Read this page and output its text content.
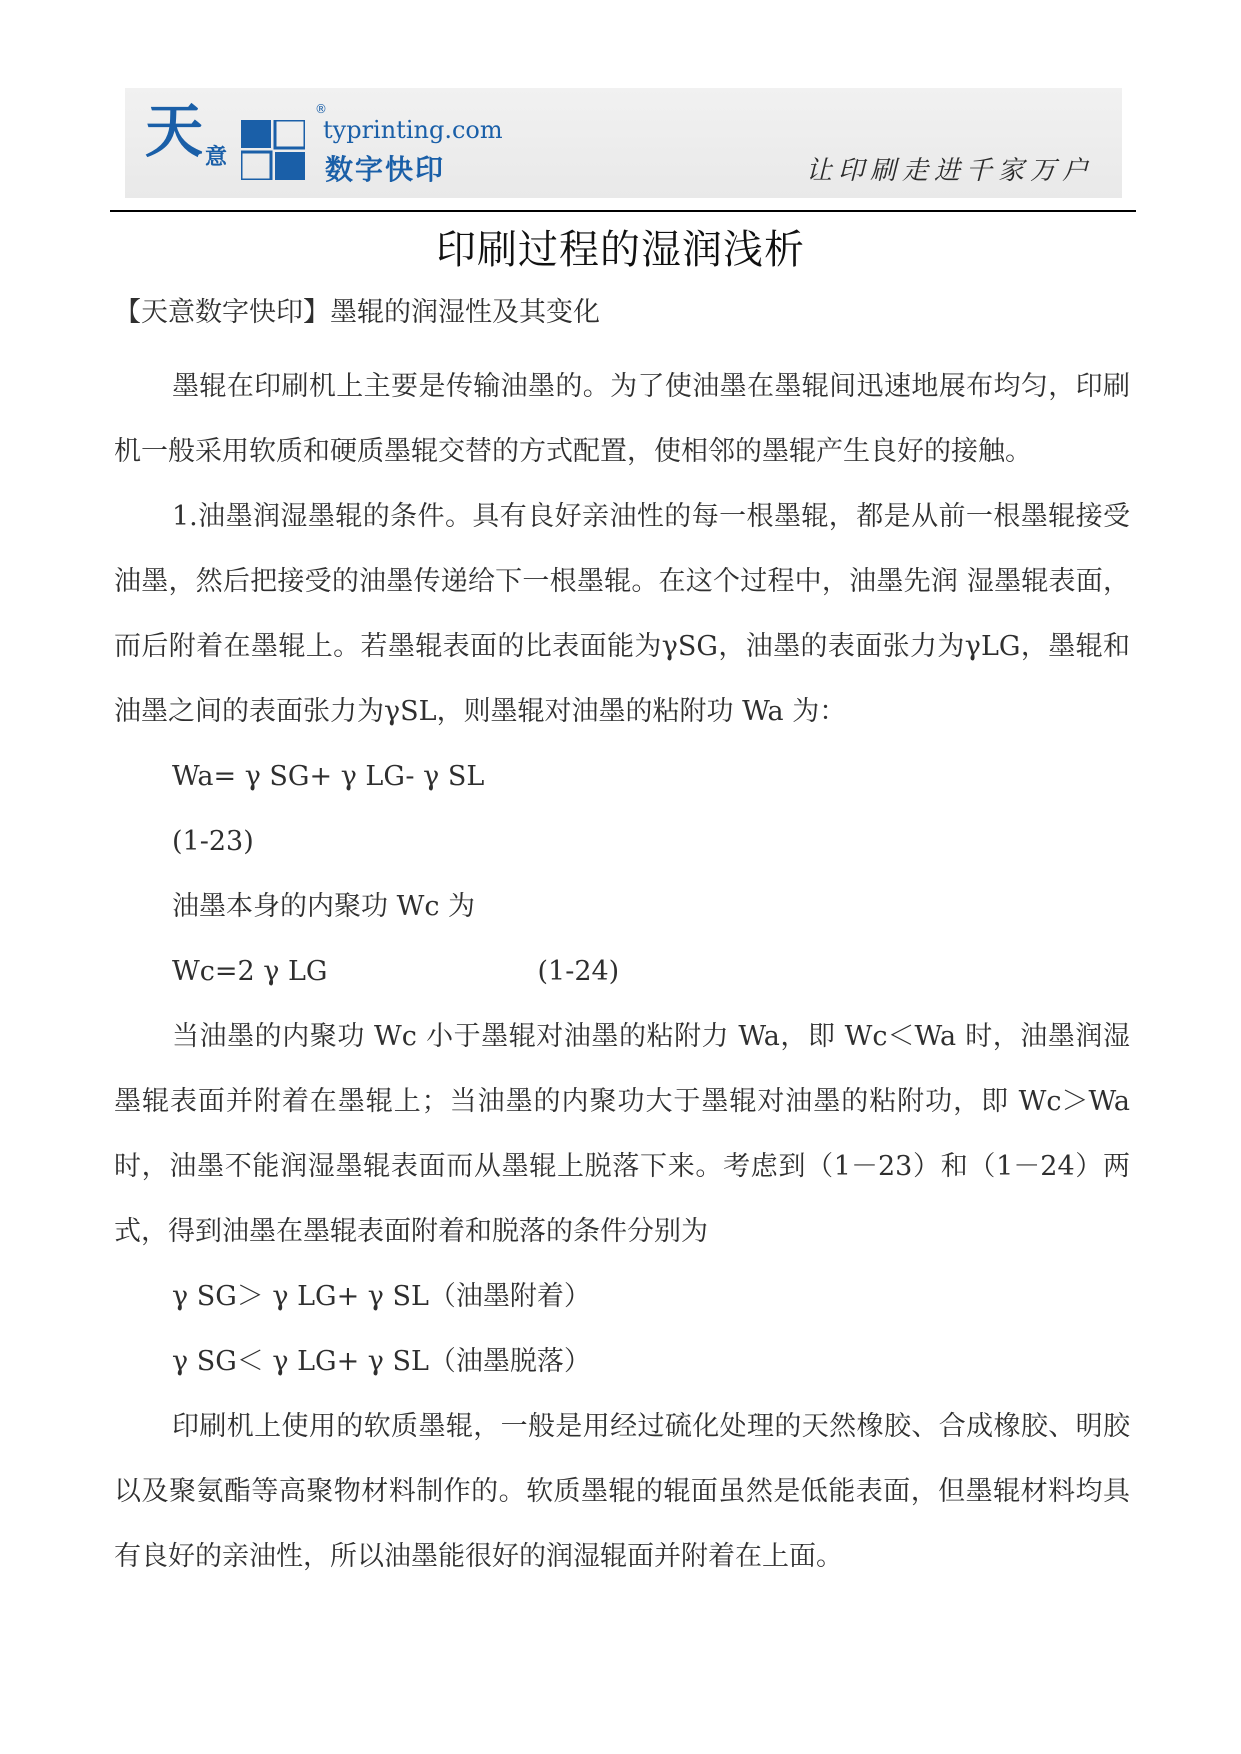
天 意
®
typrinting.com
数字快印	让印刷走进千家万户
印刷过程的湿润浅析

【天意数字快印】墨辊的润湿性及其变化

墨辊在印刷机上主要是传输油墨的。为了使油墨在墨辊间迅速地展布均匀，印刷机一般采用软质和硬质墨辊交替的方式配置，使相邻的墨辊产生良好的接触。

1.油墨润湿墨辊的条件。具有良好亲油性的每一根墨辊，都是从前一根墨辊接受油墨，然后把接受的油墨传递给下一根墨辊。在这个过程中，油墨先润 湿墨辊表面，而后附着在墨辊上。若墨辊表面的比表面能为γSG，油墨的表面张力为γLG，墨辊和油墨之间的表面张力为γSL，则墨辊对油墨的粘附功 Wa 为：

Wa= γ SG+ γ LG- γ SL

(1-23)

油墨本身的内聚功 Wc 为

Wc=2 γ LG	(1-24)

当油墨的内聚功 Wc 小于墨辊对油墨的粘附力 Wa，即 Wc＜Wa 时，油墨润湿墨辊表面并附着在墨辊上；当油墨的内聚功大于墨辊对油墨的粘附功，即 Wc＞Wa 时，油墨不能润湿墨辊表面而从墨辊上脱落下来。考虑到（1－23）和（1－24）两式，得到油墨在墨辊表面附着和脱落的条件分别为

γ SG＞ γ LG+ γ SL（油墨附着）

γ SG＜ γ LG+ γ SL（油墨脱落）

印刷机上使用的软质墨辊，一般是用经过硫化处理的天然橡胶、合成橡胶、明胶以及聚氨酯等高聚物材料制作的。软质墨辊的辊面虽然是低能表面，但墨辊材料均具有良好的亲油性，所以油墨能很好的润湿辊面并附着在上面。
